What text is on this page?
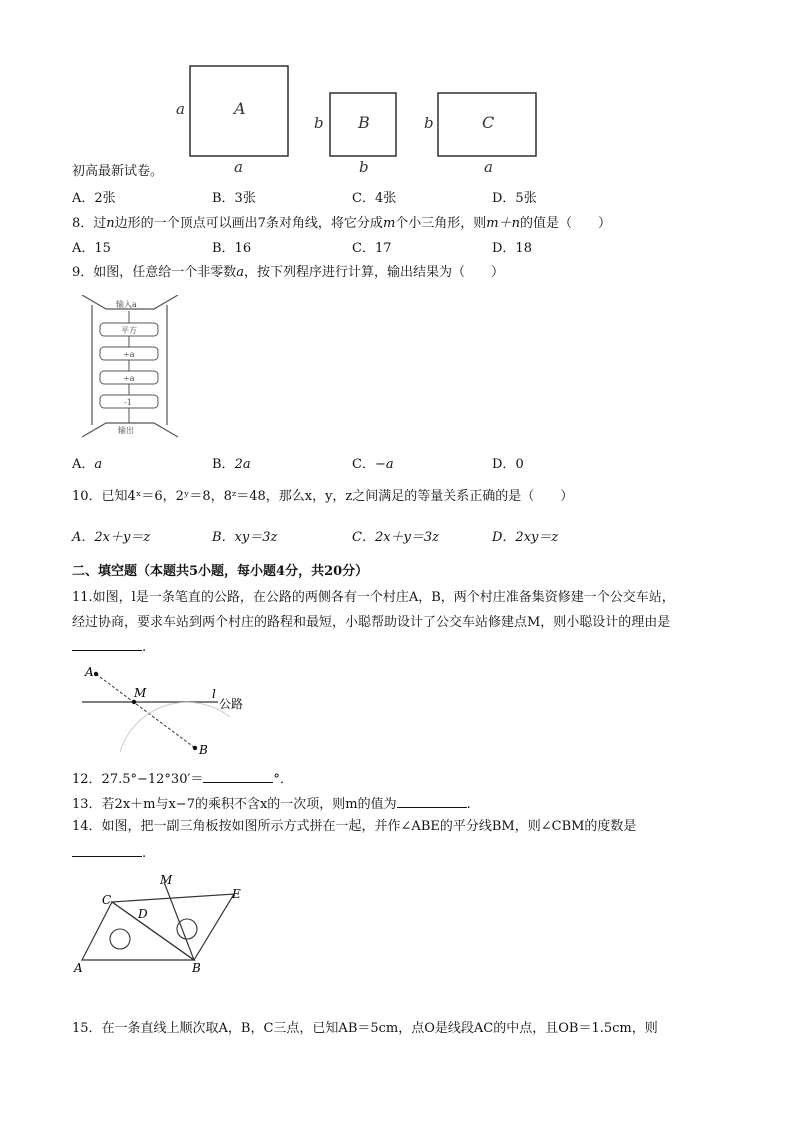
A
a
a
B
b
b
C
b
a
初高最新试卷。
A．2张	B．3张	C．4张	D．5张
8．过n边形的一个顶点可以画出7条对角线，将它分成m个小三角形，则m＋n的值是（　　）
A．15	B．16	C．17	D．18
9．如图，任意给一个非零数a，按下列程序进行计算，输出结果为（　　）
输入a
平方
÷a
÷a
-1
输出
A．a	B．2a	C．−a	D．0
10．已知4ˣ＝6，2ʸ＝8，8ᶻ＝48，那么x，y，z之间满足的等量关系正确的是（　　）
A．2x＋y＝z	B．xy＝3z	C．2x＋y＝3z	D．2xy＝z
二、填空题（本题共5小题，每小题4分，共20分）
11.如图，l是一条笔直的公路，在公路的两侧各有一个村庄A，B，两个村庄准备集资修建一个公交车站，
经过协商，要求车站到两个村庄的路程和最短，小聪帮助设计了公交车站修建点M，则小聪设计的理由是
.
A
M	l
公路
B
12．27.5°−12°30′＝	°．
13．若2x＋m与x−7的乘积不含x的一次项，则m的值为	.
14．如图，把一副三角板按如图所示方式拼在一起，并作∠ABE的平分线BM，则∠CBM的度数是
.
M
C
D
E
A	B
15．在一条直线上顺次取A，B，C三点，已知AB＝5cm，点O是线段AC的中点，且OB＝1.5cm，则
